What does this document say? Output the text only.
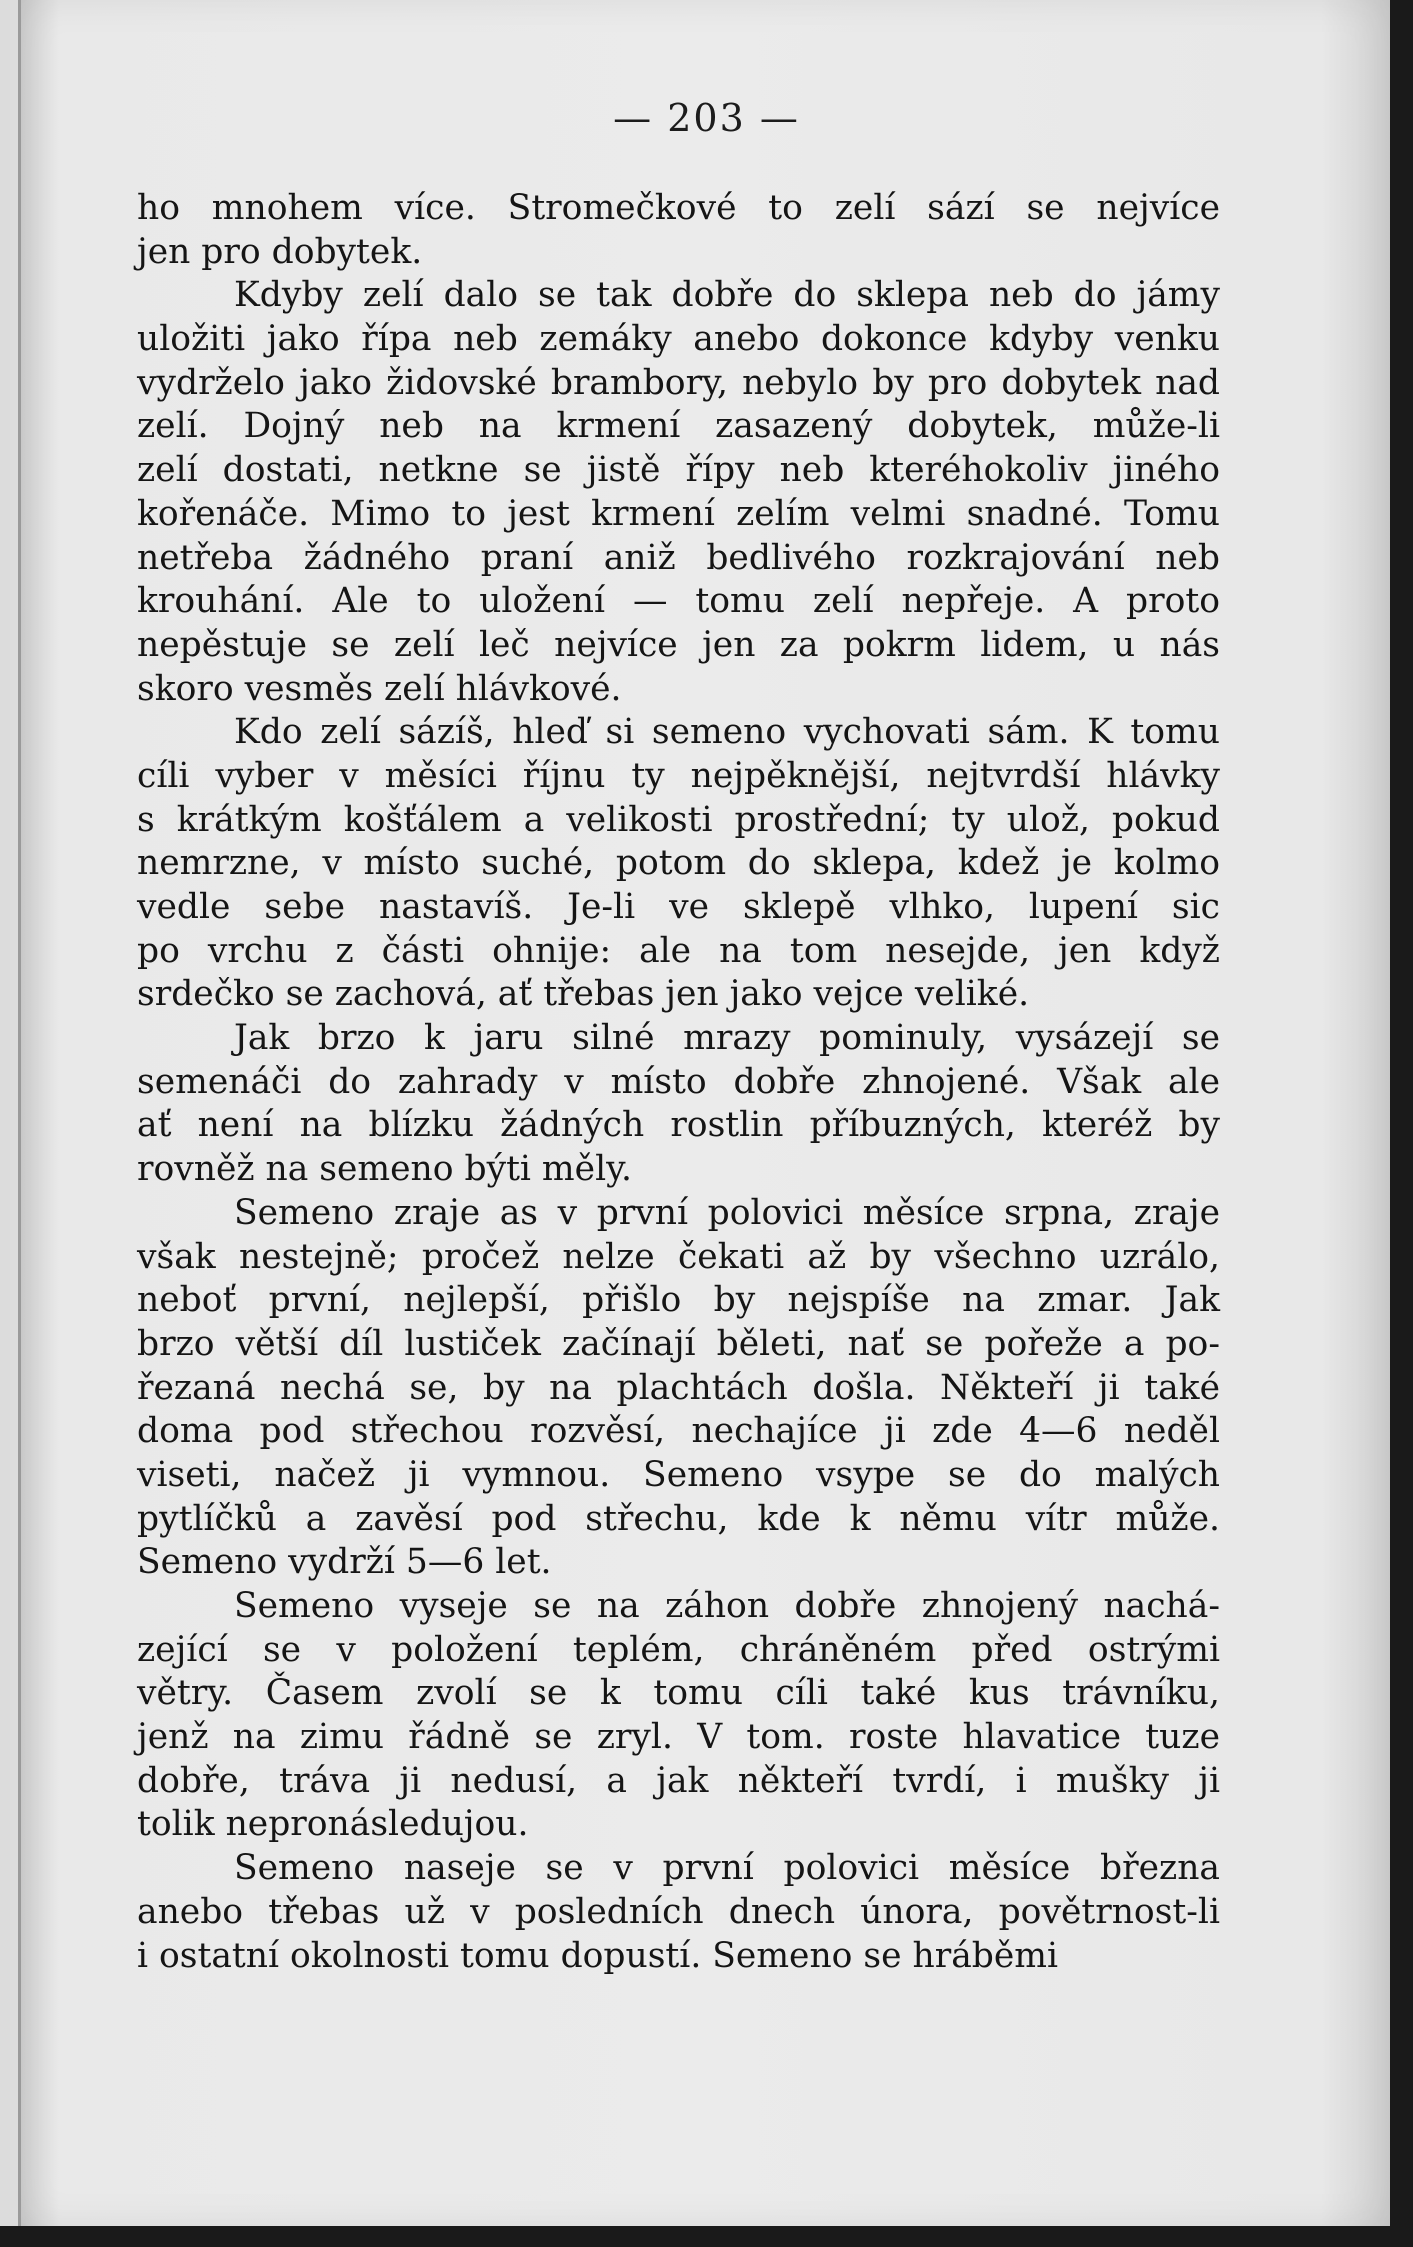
— 203 —
ho mnohem více. Stromečkové to zelí sází se nejvíce
jen pro dobytek.
Kdyby zelí dalo se tak dobře do sklepa neb do jámy
uložiti jako řípa neb zemáky anebo dokonce kdyby venku
vydrželo jako židovské brambory, nebylo by pro dobytek nad
zelí. Dojný neb na krmení zasazený dobytek, může-li
zelí dostati, netkne se jistě řípy neb kteréhokoliv jiného
kořenáče. Mimo to jest krmení zelím velmi snadné. Tomu
netřeba žádného praní aniž bedlivého rozkrajování neb
krouhání. Ale to uložení — tomu zelí nepřeje. A proto
nepěstuje se zelí leč nejvíce jen za pokrm lidem, u nás
skoro vesměs zelí hlávkové.
Kdo zelí sázíš, hleď si semeno vychovati sám. K tomu
cíli vyber v měsíci říjnu ty nejpěknější, nejtvrdší hlávky
s krátkým košťálem a velikosti prostřední; ty ulož, pokud
nemrzne, v místo suché, potom do sklepa, kdež je kolmo
vedle sebe nastavíš. Je-li ve sklepě vlhko, lupení sic
po vrchu z části ohnije: ale na tom nesejde, jen když
srdečko se zachová, ať třebas jen jako vejce veliké.
Jak brzo k jaru silné mrazy pominuly, vysázejí se
semenáči do zahrady v místo dobře zhnojené. Však ale
ať není na blízku žádných rostlin příbuzných, kteréž by
rovněž na semeno býti měly.
Semeno zraje as v první polovici měsíce srpna, zraje
však nestejně; pročež nelze čekati až by všechno uzrálo,
neboť první, nejlepší, přišlo by nejspíše na zmar. Jak
brzo větší díl lustiček začínají běleti, nať se pořeže a po-
řezaná nechá se, by na plachtách došla. Někteří ji také
doma pod střechou rozvěsí, nechajíce ji zde 4—6 neděl
viseti, načež ji vymnou. Semeno vsype se do malých
pytlíčků a zavěsí pod střechu, kde k němu vítr může.
Semeno vydrží 5—6 let.
Semeno vyseje se na záhon dobře zhnojený nachá-
zející se v položení teplém, chráněném před ostrými
větry. Časem zvolí se k tomu cíli také kus trávníku,
jenž na zimu řádně se zryl. V tom. roste hlavatice tuze
dobře, tráva ji nedusí, a jak někteří tvrdí, i mušky ji
tolik nepronásledujou.
Semeno naseje se v první polovici měsíce března
anebo třebas už v posledních dnech února, povětrnost-li
i ostatní okolnosti tomu dopustí. Semeno se hráběmi
